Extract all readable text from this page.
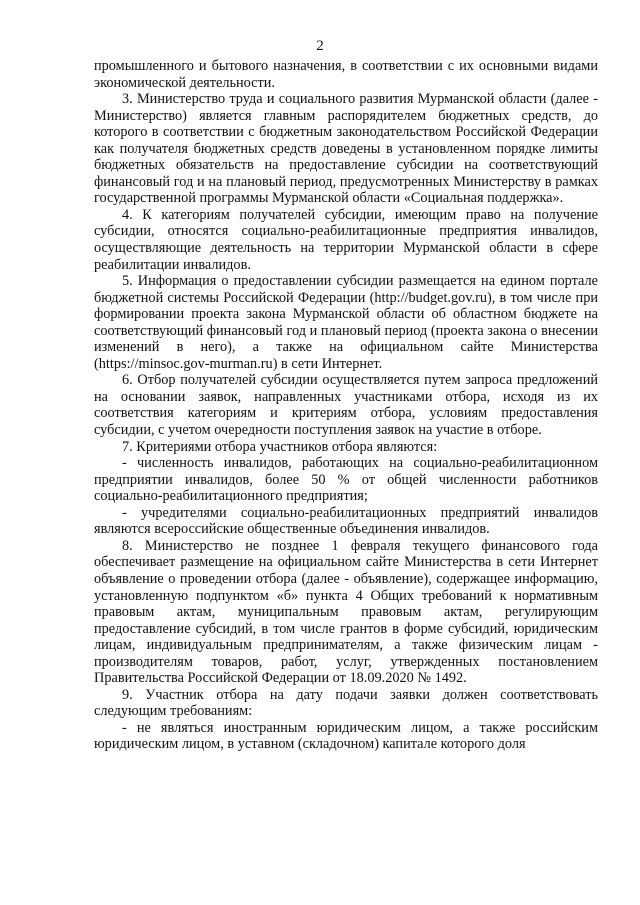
2

промышленного и бытового назначения, в соответствии с их основными видами экономической деятельности.

3. Министерство труда и социального развития Мурманской области (далее - Министерство) является главным распорядителем бюджетных средств, до которого в соответствии с бюджетным законодательством Российской Федерации как получателя бюджетных средств доведены в установленном порядке лимиты бюджетных обязательств на предоставление субсидии на соответствующий финансовый год и на плановый период, предусмотренных Министерству в рамках государственной программы Мурманской области «Социальная поддержка».

4. К категориям получателей субсидии, имеющим право на получение субсидии, относятся социально-реабилитационные предприятия инвалидов, осуществляющие деятельность на территории Мурманской области в сфере реабилитации инвалидов.

5. Информация о предоставлении субсидии размещается на едином портале бюджетной системы Российской Федерации (http://budget.gov.ru), в том числе при формировании проекта закона Мурманской области об областном бюджете на соответствующий финансовый год и плановый период (проекта закона о внесении изменений в него), а также на официальном сайте Министерства (https://minsoc.gov-murman.ru) в сети Интернет.

6. Отбор получателей субсидии осуществляется путем запроса предложений на основании заявок, направленных участниками отбора, исходя из их соответствия категориям и критериям отбора, условиям предоставления субсидии, с учетом очередности поступления заявок на участие в отборе.

7. Критериями отбора участников отбора являются:

- численность инвалидов, работающих на социально-реабилитационном предприятии инвалидов, более 50 % от общей численности работников социально-реабилитационного предприятия;

- учредителями социально-реабилитационных предприятий инвалидов являются всероссийские общественные объединения инвалидов.

8. Министерство не позднее 1 февраля текущего финансового года обеспечивает размещение на официальном сайте Министерства в сети Интернет объявление о проведении отбора (далее - объявление), содержащее информацию, установленную подпунктом «б» пункта 4 Общих требований к нормативным правовым актам, муниципальным правовым актам, регулирующим предоставление субсидий, в том числе грантов в форме субсидий, юридическим лицам, индивидуальным предпринимателям, а также физическим лицам - производителям товаров, работ, услуг, утвержденных постановлением Правительства Российской Федерации от 18.09.2020 № 1492.

9. Участник отбора на дату подачи заявки должен соответствовать следующим требованиям:

- не являться иностранным юридическим лицом, а также российским юридическим лицом, в уставном (складочном) капитале которого доля
